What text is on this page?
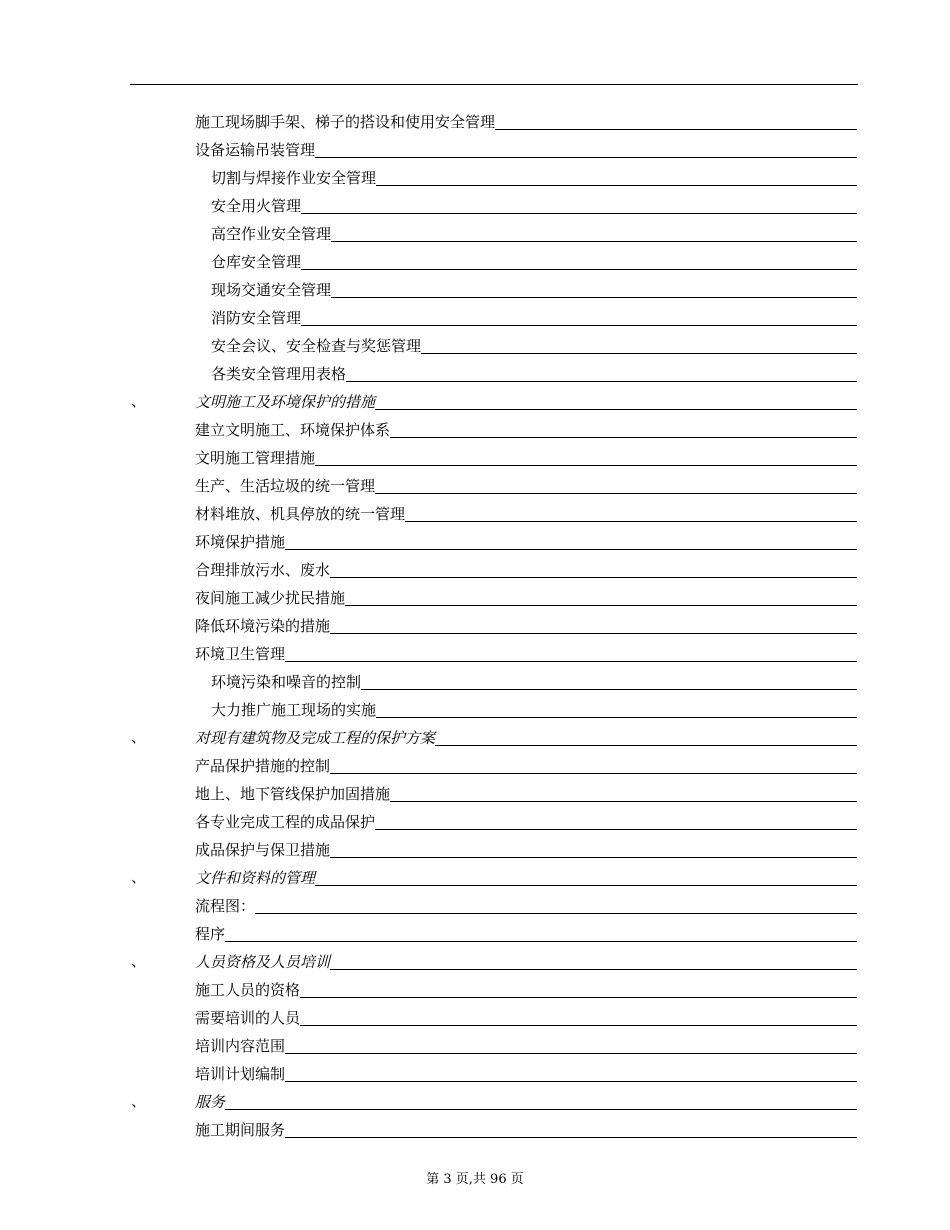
施工现场脚手架、梯子的搭设和使用安全管理
设备运输吊装管理
切割与焊接作业安全管理
安全用火管理
高空作业安全管理
仓库安全管理
现场交通安全管理
消防安全管理
安全会议、安全检查与奖惩管理
各类安全管理用表格
、	文明施工及环境保护的措施
建立文明施工、环境保护体系
文明施工管理措施
生产、生活垃圾的统一管理
材料堆放、机具停放的统一管理
环境保护措施
合理排放污水、废水
夜间施工减少扰民措施
降低环境污染的措施
环境卫生管理
环境污染和噪音的控制
大力推广施工现场的实施
、	对现有建筑物及完成工程的保护方案
产品保护措施的控制
地上、地下管线保护加固措施
各专业完成工程的成品保护
成品保护与保卫措施
、	文件和资料的管理
流程图：
程序
、	人员资格及人员培训
施工人员的资格
需要培训的人员
培训内容范围
培训计划编制
、	服务
施工期间服务
第 3 页,共 96 页
